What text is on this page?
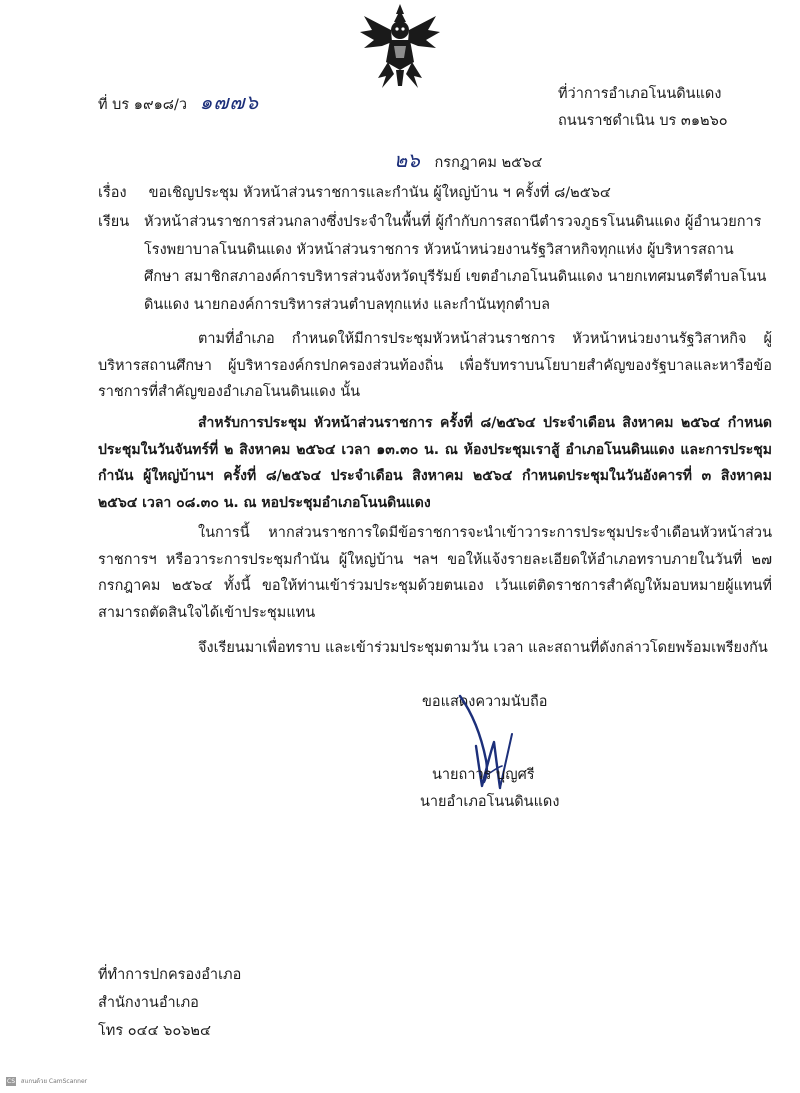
ที่ บร ๑๙๑๘/ว ๑๗๗๖	ที่ว่าการอำเภอโนนดินแดง
ถนนราชดำเนิน บร ๓๑๒๖๐
๒๖ กรกฎาคม ๒๕๖๔
เรื่อง ขอเชิญประชุม หัวหน้าส่วนราชการและกำนัน ผู้ใหญ่บ้าน ฯ ครั้งที่ ๘/๒๕๖๔
เรียน	หัวหน้าส่วนราชการส่วนกลางซึ่งประจำในพื้นที่ ผู้กำกับการสถานีตำรวจภูธรโนนดินแดง ผู้อำนวยการ โรงพยาบาลโนนดินแดง หัวหน้าส่วนราชการ หัวหน้าหน่วยงานรัฐวิสาหกิจทุกแห่ง ผู้บริหารสถานศึกษา สมาชิกสภาองค์การบริหารส่วนจังหวัดบุรีรัมย์ เขตอำเภอโนนดินแดง นายกเทศมนตรีตำบลโนนดินแดง นายกองค์การบริหารส่วนตำบลทุกแห่ง และกำนันทุกตำบล
ตามที่อำเภอ กำหนดให้มีการประชุมหัวหน้าส่วนราชการ หัวหน้าหน่วยงานรัฐวิสาหกิจ ผู้บริหารสถานศึกษา ผู้บริหารองค์กรปกครองส่วนท้องถิ่น เพื่อรับทราบนโยบายสำคัญของรัฐบาลและหารือข้อราชการที่สำคัญของอำเภอโนนดินแดง นั้น
สำหรับการประชุม หัวหน้าส่วนราชการ ครั้งที่ ๘/๒๕๖๔ ประจำเดือน สิงหาคม ๒๕๖๔ กำหนดประชุมในวันจันทร์ที่ ๒ สิงหาคม ๒๕๖๔ เวลา ๑๓.๓๐ น. ณ ห้องประชุมเราสู้ อำเภอโนนดินแดง และการประชุมกำนัน ผู้ใหญ่บ้านฯ ครั้งที่ ๘/๒๕๖๔ ประจำเดือน สิงหาคม ๒๕๖๔ กำหนดประชุมในวันอังคารที่ ๓ สิงหาคม ๒๕๖๔ เวลา ๐๘.๓๐ น. ณ หอประชุมอำเภอโนนดินแดง
ในการนี้ หากส่วนราชการใดมีข้อราชการจะนำเข้าวาระการประชุมประจำเดือนหัวหน้าส่วนราชการฯ หรือวาระการประชุมกำนัน ผู้ใหญ่บ้าน ฯลฯ ขอให้แจ้งรายละเอียดให้อำเภอทราบภายในวันที่ ๒๗ กรกฎาคม ๒๕๖๔ ทั้งนี้ ขอให้ท่านเข้าร่วมประชุมด้วยตนเอง เว้นแต่ติดราชการสำคัญให้มอบหมายผู้แทนที่สามารถตัดสินใจได้เข้าประชุมแทน
จึงเรียนมาเพื่อทราบ และเข้าร่วมประชุมตามวัน เวลา และสถานที่ดังกล่าวโดยพร้อมเพรียงกัน
ขอแสดงความนับถือ
นายถาวร บุญศรี
นายอำเภอโนนดินแดง
ที่ทำการปกครองอำเภอ
สำนักงานอำเภอ
โทร ๐๔๔ ๖๐๖๒๔
CS สแกนด้วย CamScanner
